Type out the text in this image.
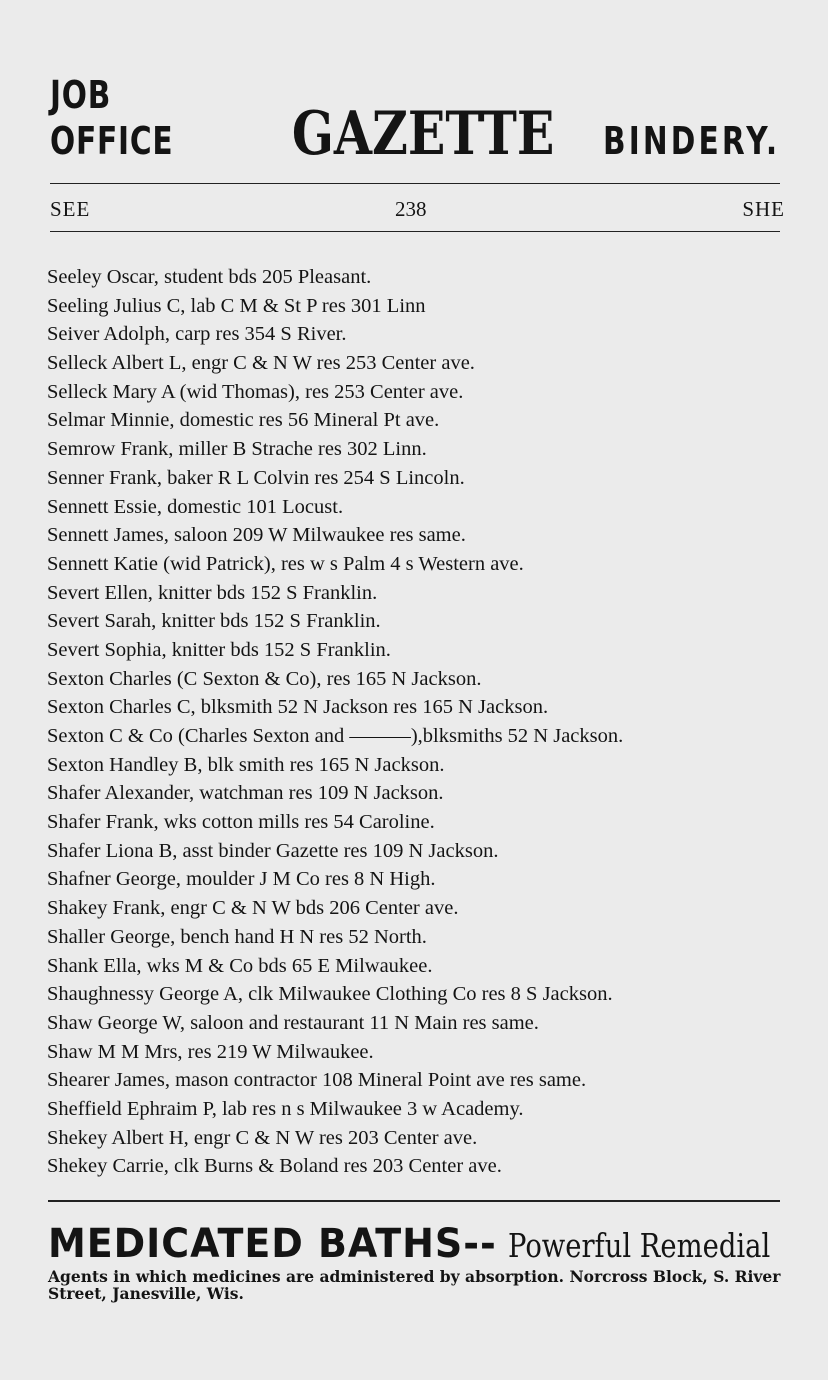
JOB OFFICE	GAZETTE BINDERY.
SEE	238	SHE
Seeley Oscar, student bds 205 Pleasant.
Seeling Julius C, lab C M & St P res 301 Linn
Seiver Adolph, carp res 354 S River.
Selleck Albert L, engr C & N W res 253 Center ave.
Selleck Mary A (wid Thomas), res 253 Center ave.
Selmar Minnie, domestic res 56 Mineral Pt ave.
Semrow Frank, miller B Strache res 302 Linn.
Senner Frank, baker R L Colvin res 254 S Lincoln.
Sennett Essie, domestic 101 Locust.
Sennett James, saloon 209 W Milwaukee res same.
Sennett Katie (wid Patrick), res w s Palm 4 s Western ave.
Severt Ellen, knitter bds 152 S Franklin.
Severt Sarah, knitter bds 152 S Franklin.
Severt Sophia, knitter bds 152 S Franklin.
Sexton Charles (C Sexton & Co), res 165 N Jackson.
Sexton Charles C, blksmith 52 N Jackson res 165 N Jackson.
Sexton C & Co (Charles Sexton and ———),blksmiths 52 N Jackson.
Sexton Handley B, blk smith res 165 N Jackson.
Shafer Alexander, watchman res 109 N Jackson.
Shafer Frank, wks cotton mills res 54 Caroline.
Shafer Liona B, asst binder Gazette res 109 N Jackson.
Shafner George, moulder J M Co res 8 N High.
Shakey Frank, engr C & N W bds 206 Center ave.
Shaller George, bench hand H N res 52 North.
Shank Ella, wks M & Co bds 65 E Milwaukee.
Shaughnessy George A, clk Milwaukee Clothing Co res 8 S Jackson.
Shaw George W, saloon and restaurant 11 N Main res same.
Shaw M M Mrs, res 219 W Milwaukee.
Shearer James, mason contractor 108 Mineral Point ave res same.
Sheffield Ephraim P, lab res n s Milwaukee 3 w Academy.
Shekey Albert H, engr C & N W res 203 Center ave.
Shekey Carrie, clk Burns & Boland res 203 Center ave.
MEDICATED BATHS-- Powerful Remedial
Agents in which medicines are administered by absorption. Norcross Block, S. River Street, Janesville, Wis.
